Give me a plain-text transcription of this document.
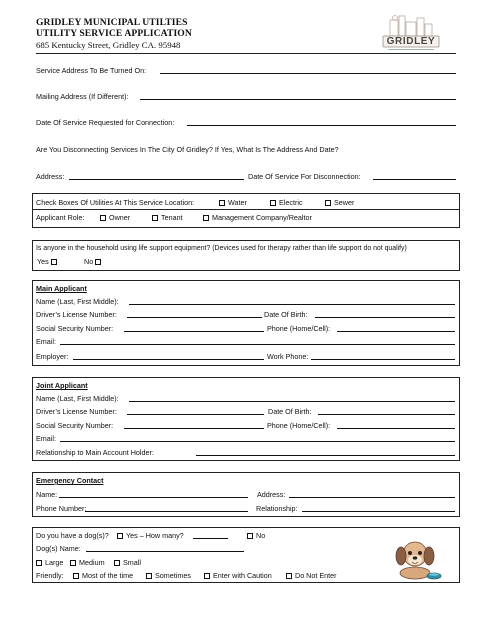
GRIDLEY MUNICIPAL UTILTIES
UTILITY SERVICE APPLICATION
685 Kentucky Street, Gridley CA. 95948	GRIDLEY
Service Address To Be Turned On:
Mailing Address (If Different):
Date Of Service Requested for Connection:
Are You Disconnecting Services In The City Of Gridley? If Yes, What Is The Address And Date?
Address:	Date Of Service For Disconnection:
Check Boxes Of Utilities At This Service Location:	Water	Electric	Sewer
Applicant Role:	Owner	Tenant	Management Company/Realtor
Is anyone in the household using life support equipment? (Devices used for therapy rather than life support do not qualify)
Yes	No
Main Applicant
Name (Last, First Middle):
Driver’s License Number:	Date Of Birth:
Social Security Number:	Phone (Home/Cell):
Email:
Employer:	Work Phone:
Joint Applicant
Name (Last, First Middle):
Driver’s License Number:	Date Of Birth:
Social Security Number:	Phone (Home/Cell):
Email:
Relationship to Main Account Holder:
Emergency Contact
Name:	Address:
Phone Number:	Relationship:
Do you have a dog(s)?	Yes – How many?	No
Dog(s) Name:
Large	Medium	Small
Friendly:	Most of the time	Sometimes	Enter with Caution	Do Not Enter
